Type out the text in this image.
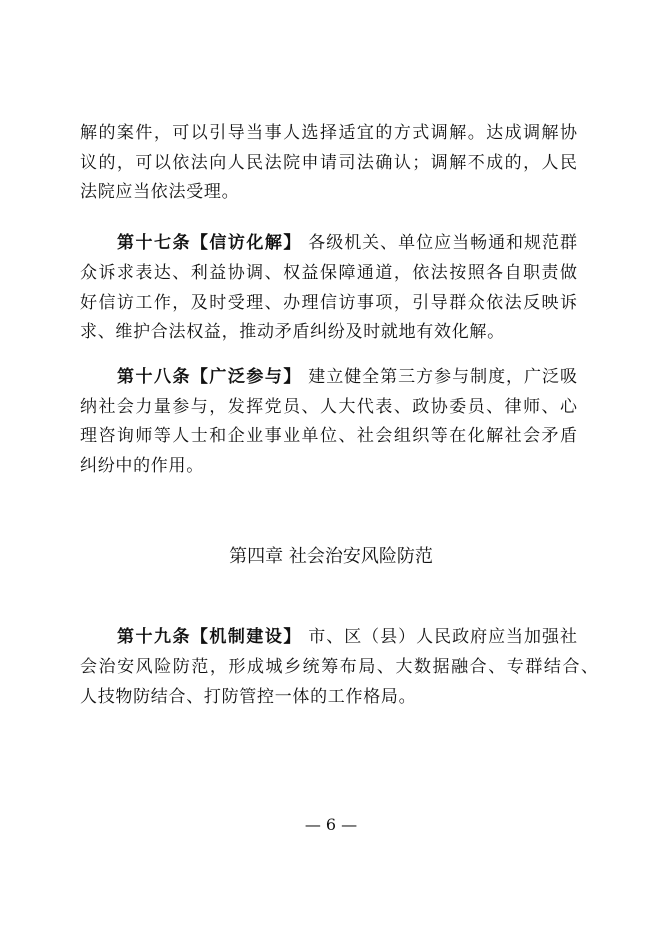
解的案件，可以引导当事人选择适宜的方式调解。达成调解协
议的，可以依法向人民法院申请司法确认；调解不成的，人民
法院应当依法受理。
第十七条【信访化解】 各级机关、单位应当畅通和规范群
众诉求表达、利益协调、权益保障通道，依法按照各自职责做
好信访工作，及时受理、办理信访事项，引导群众依法反映诉
求、维护合法权益，推动矛盾纠纷及时就地有效化解。
第十八条【广泛参与】 建立健全第三方参与制度，广泛吸
纳社会力量参与，发挥党员、人大代表、政协委员、律师、心
理咨询师等人士和企业事业单位、社会组织等在化解社会矛盾
纠纷中的作用。
第四章 社会治安风险防范
第十九条【机制建设】 市、区（县）人民政府应当加强社
会治安风险防范，形成城乡统筹布局、大数据融合、专群结合、
人技物防结合、打防管控一体的工作格局。
— 6 —
